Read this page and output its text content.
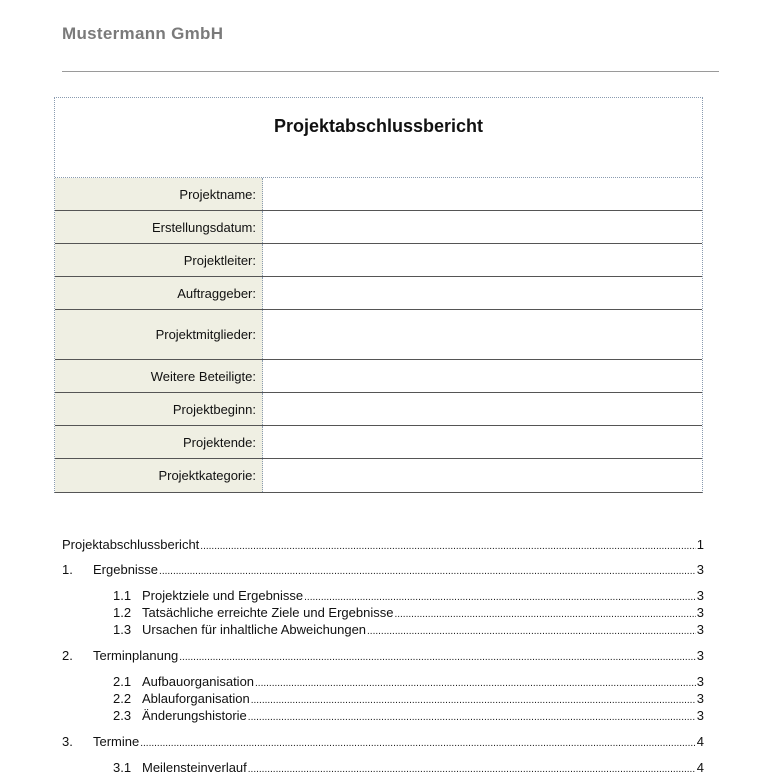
Mustermann GmbH
Projektabschlussbericht
Projektname:
Erstellungsdatum:
Projektleiter:
Auftraggeber:
Projektmitglieder:
Weitere Beteiligte:
Projektbeginn:
Projektende:
Projektkategorie:
Projektabschlussbericht .....	1
1.	Ergebnisse .....	3
1.1 Projektziele und Ergebnisse .....	3
1.2 Tatsächliche erreichte Ziele und Ergebnisse .....	3
1.3 Ursachen für inhaltliche Abweichungen .....	3
2.	Terminplanung .....	3
2.1 Aufbauorganisation .....	3
2.2 Ablauforganisation .....	3
2.3 Änderungshistorie .....	3
3.	Termine .....	4
3.1 Meilensteinverlauf .....	4
